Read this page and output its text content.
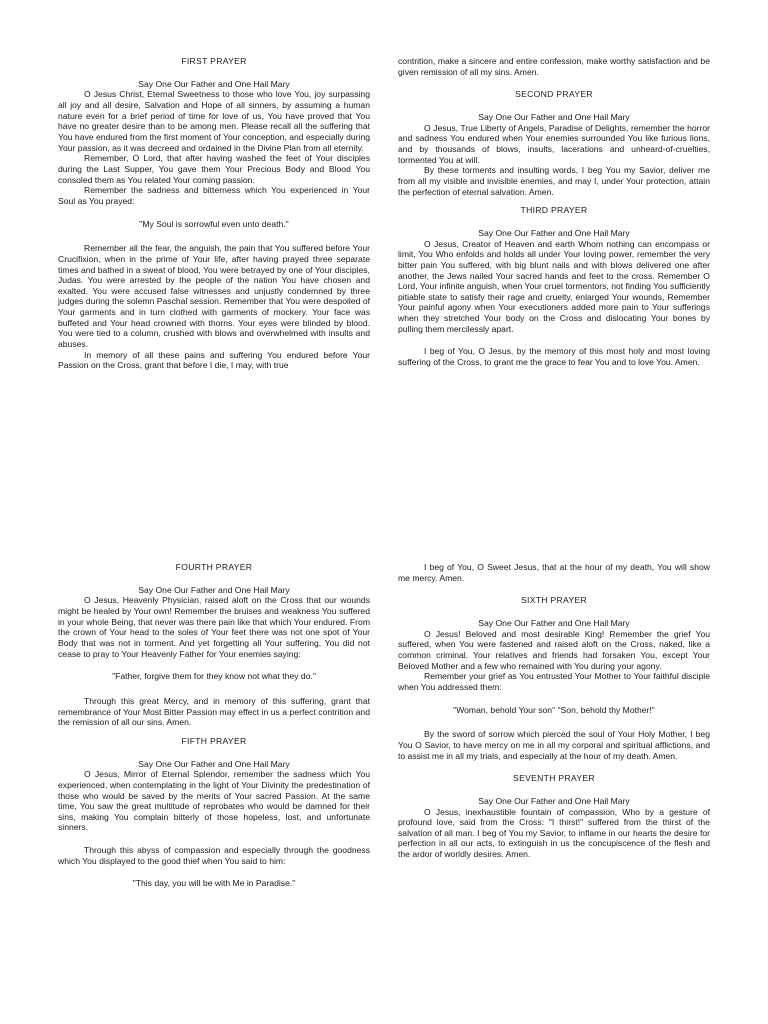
FIRST PRAYER
Say One Our Father and One Hail Mary

O Jesus Christ, Eternal Sweetness to those who love You, joy surpassing all joy and all desire, Salvation and Hope of all sinners, by assuming a human nature even for a brief period of time for love of us, You have proved that You have no greater desire than to be among men. Please recall all the suffering that You have endured from the first moment of Your conception, and especially during Your passion, as it was decreed and ordained in the Divine Plan from all eternity.

Remember, O Lord, that after having washed the feet of Your disciples during the Last Supper, You gave them Your Precious Body and Blood You consoled them as You related Your coming passion.

Remember the sadness and bitterness which You experienced in Your Soul as You prayed:

"My Soul is sorrowful even unto death."

Remember all the fear, the anguish, the pain that You suffered before Your Crucifixion, when in the prime of Your life, after having prayed three separate times and bathed in a sweat of blood, You were betrayed by one of Your disciples, Judas. You were arrested by the people of the nation You have chosen and exalted. You were accused false witnesses and unjustly condemned by three judges during the solemn Paschal session. Remember that You were despoiled of Your garments and in turn clothed with garments of mockery. Your face was buffeted and Your head crowned with thorns. Your eyes were blinded by blood. You were tied to a column, crushed with blows and overwhelmed with insults and abuses.

In memory of all these pains and suffering You endured before Your Passion on the Cross, grant that before I die, I may, with true

contrition, make a sincere and entire confession, make worthy satisfaction and be given remission of all my sins. Amen.

SECOND PRAYER
Say One Our Father and One Hail Mary

O Jesus, True Liberty of Angels, Paradise of Delights, remember the horror and sadness You endured when Your enemies surrounded You like furious lions, and by thousands of blows, insults, lacerations and unheard-of-cruelties, tormented You at will.

By these torments and insulting words, I beg You my Savior, deliver me from all my visible and invisible enemies, and may I, under Your protection, attain the perfection of eternal salvation. Amen.

THIRD PRAYER
Say One Our Father and One Hail Mary

O Jesus, Creator of Heaven and earth Whom nothing can encompass or limit, You Who enfolds and holds all under Your loving power, remember the very bitter pain You suffered, with big blunt nails and with blows delivered one after another, the Jews nailed Your sacred hands and feet to the cross. Remember O Lord, Your infinite anguish, when Your cruel tormentors, not finding You sufficiently pitiable state to satisfy their rage and cruelty, enlarged Your wounds, Remember Your painful agony when Your executioners added more pain to Your sufferings when they stretched Your body on the Cross and dislocating Your bones by pulling them mercilessly apart.

I beg of You, O Jesus, by the memory of this most holy and most loving suffering of the Cross, to grant me the grace to fear You and to love You. Amen.

FOURTH PRAYER
Say One Our Father and One Hail Mary

O Jesus, Heavenly Physician, raised aloft on the Cross that our wounds might be healed by Your own! Remember the bruises and weakness You suffered in your whole Being, that never was there pain like that which Your endured. From the crown of Your head to the soles of Your feet there was not one spot of Your Body that was not in torment. And yet forgetting all Your suffering, You did not cease to pray to Your Heavenly Father for Your enemies saying:

"Father, forgive them for they know not what they do."

Through this great Mercy, and in memory of this suffering, grant that remembrance of Your Most Bitter Passion may effect in us a perfect contrition and the remission of all our sins. Amen.

FIFTH PRAYER
Say One Our Father and One Hail Mary

O Jesus, Mirror of Eternal Splendor, remember the sadness which You experienced, when contemplating in the light of Your Divinity the predestination of those who would be saved by the merits of Your sacred Passion. At the same time, You saw the great multitude of reprobates who would be damned for their sins, making You complain bitterly of those hopeless, lost, and unfortunate sinners.

Through this abyss of compassion and especially through the goodness which You displayed to the good thief when You said to him:

"This day, you will be with Me in Paradise."

I beg of You, O Sweet Jesus, that at the hour of my death, You will show me mercy. Amen.

SIXTH PRAYER
Say One Our Father and One Hail Mary

O Jesus! Beloved and most desirable King! Remember the grief You suffered, when You were fastened and raised aloft on the Cross, naked, like a common criminal. Your relatives and friends had forsaken You, except Your Beloved Mother and a few who remained with You during your agony.

Remember your grief as You entrusted Your Mother to Your faithful disciple when You addressed them:

"Woman, behold Your son" "Son, behold thy Mother!"

By the sword of sorrow which pierced the soul of Your Holy Mother, I beg You O Savior, to have mercy on me in all my corporal and spiritual afflictions, and to assist me in all my trials, and especially at the hour of my death. Amen.

SEVENTH PRAYER
Say One Our Father and One Hail Mary

O Jesus, inexhaustible fountain of compassion, Who by a gesture of profound love, said from the Cross: "I thirst!" suffered from the thirst of the salvation of all man. I beg of You my Savior, to inflame in our hearts the desire for perfection in all our acts, to extinguish in us the concupiscence of the flesh and the ardor of worldly desires. Amen.
